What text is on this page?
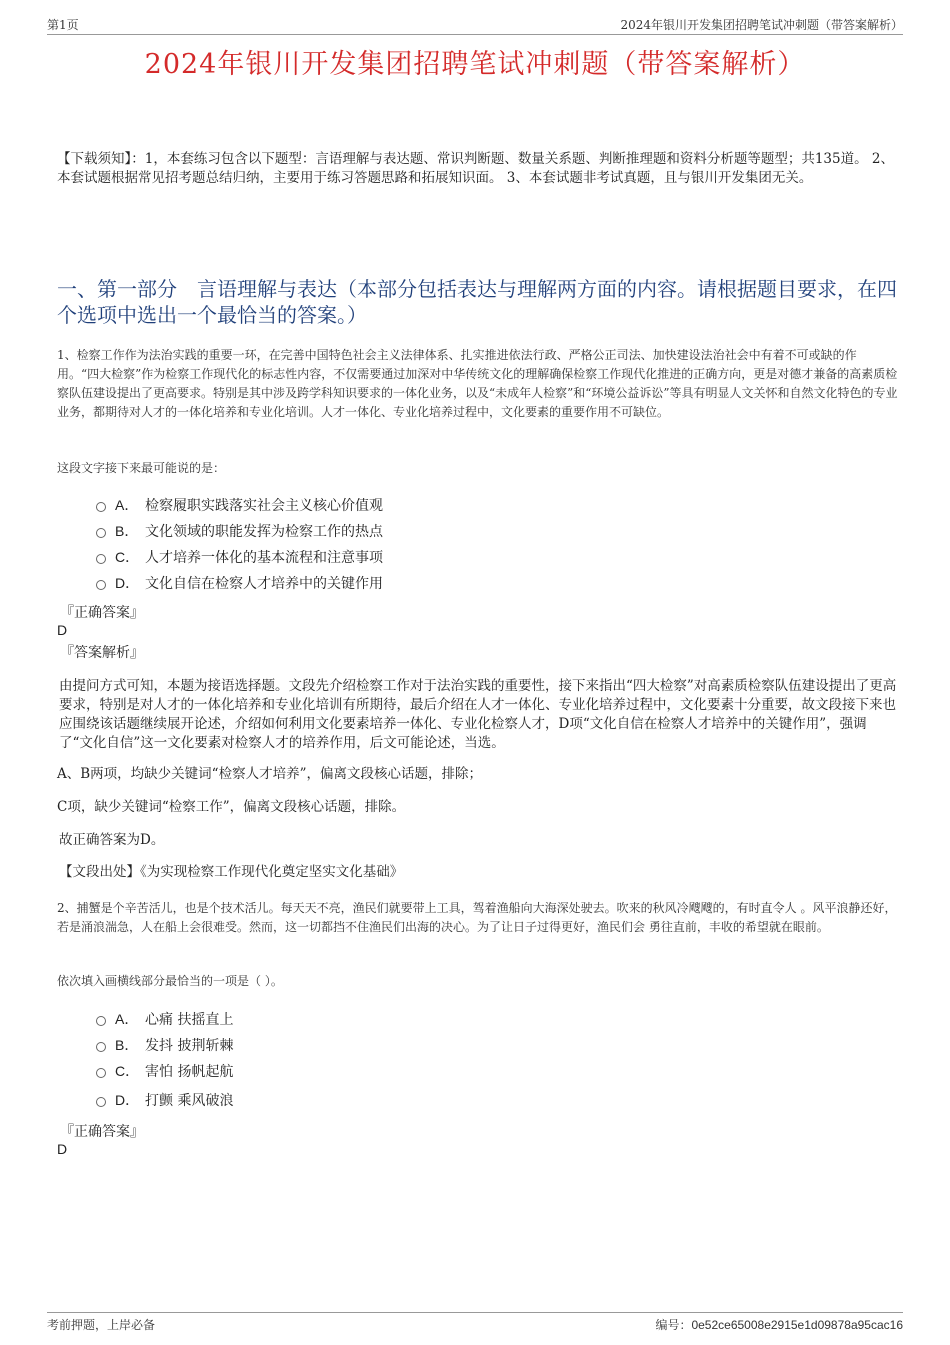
第1页	2024年银川开发集团招聘笔试冲刺题（带答案解析）
2024年银川开发集团招聘笔试冲刺题（带答案解析）
【下载须知】：1，本套练习包含以下题型：言语理解与表达题、常识判断题、数量关系题、判断推理题和资料分析题等题型；共135道。 2、本套试题根据常见招考题总结归纳，主要用于练习答题思路和拓展知识面。 3、本套试题非考试真题，且与银川开发集团无关。
一、第一部分　言语理解与表达（本部分包括表达与理解两方面的内容。请根据题目要求，在四个选项中选出一个最恰当的答案。）
1、检察工作作为法治实践的重要一环，在完善中国特色社会主义法律体系、扎实推进依法行政、严格公正司法、加快建设法治社会中有着不可或缺的作用。“四大检察”作为检察工作现代化的标志性内容，不仅需要通过加深对中华传统文化的理解确保检察工作现代化推进的正确方向，更是对德才兼备的高素质检察队伍建设提出了更高要求。特别是其中涉及跨学科知识要求的一体化业务，以及“未成年人检察”和“环境公益诉讼”等具有明显人文关怀和自然文化特色的专业业务，都期待对人才的一体化培养和专业化培训。人才一体化、专业化培养过程中，文化要素的重要作用不可缺位。
这段文字接下来最可能说的是：
A． 检察履职实践落实社会主义核心价值观
B． 文化领域的职能发挥为检察工作的热点
C． 人才培养一体化的基本流程和注意事项
D． 文化自信在检察人才培养中的关键作用
『正确答案』
D
『答案解析』
由提问方式可知，本题为接语选择题。文段先介绍检察工作对于法治实践的重要性，接下来指出“四大检察”对高素质检察队伍建设提出了更高要求，特别是对人才的一体化培养和专业化培训有所期待，最后介绍在人才一体化、专业化培养过程中，文化要素十分重要，故文段接下来也应围绕该话题继续展开论述，介绍如何利用文化要素培养一体化、专业化检察人才，D项“文化自信在检察人才培养中的关键作用”，强调了“文化自信”这一文化要素对检察人才的培养作用，后文可能论述，当选。
A、B两项，均缺少关键词“检察人才培养”，偏离文段核心话题，排除；
C项，缺少关键词“检察工作”，偏离文段核心话题，排除。
故正确答案为D。
【文段出处】《为实现检察工作现代化奠定坚实文化基础》
2、捕蟹是个辛苦活儿，也是个技术活儿。每天天不亮，渔民们就要带上工具，驾着渔船向大海深处驶去。吹来的秋风冷飕飕的，有时直令人 。风平浪静还好，若是涌浪湍急，人在船上会很难受。然而，这一切都挡不住渔民们出海的决心。为了让日子过得更好，渔民们会 勇往直前，丰收的希望就在眼前。
依次填入画横线部分最恰当的一项是（ ）。
A． 心痛 扶摇直上
B． 发抖 披荆斩棘
C． 害怕 扬帆起航
D． 打颤 乘风破浪
『正确答案』
D
考前押题，上岸必备	编号：0e52ce65008e2915e1d09878a95cac16
